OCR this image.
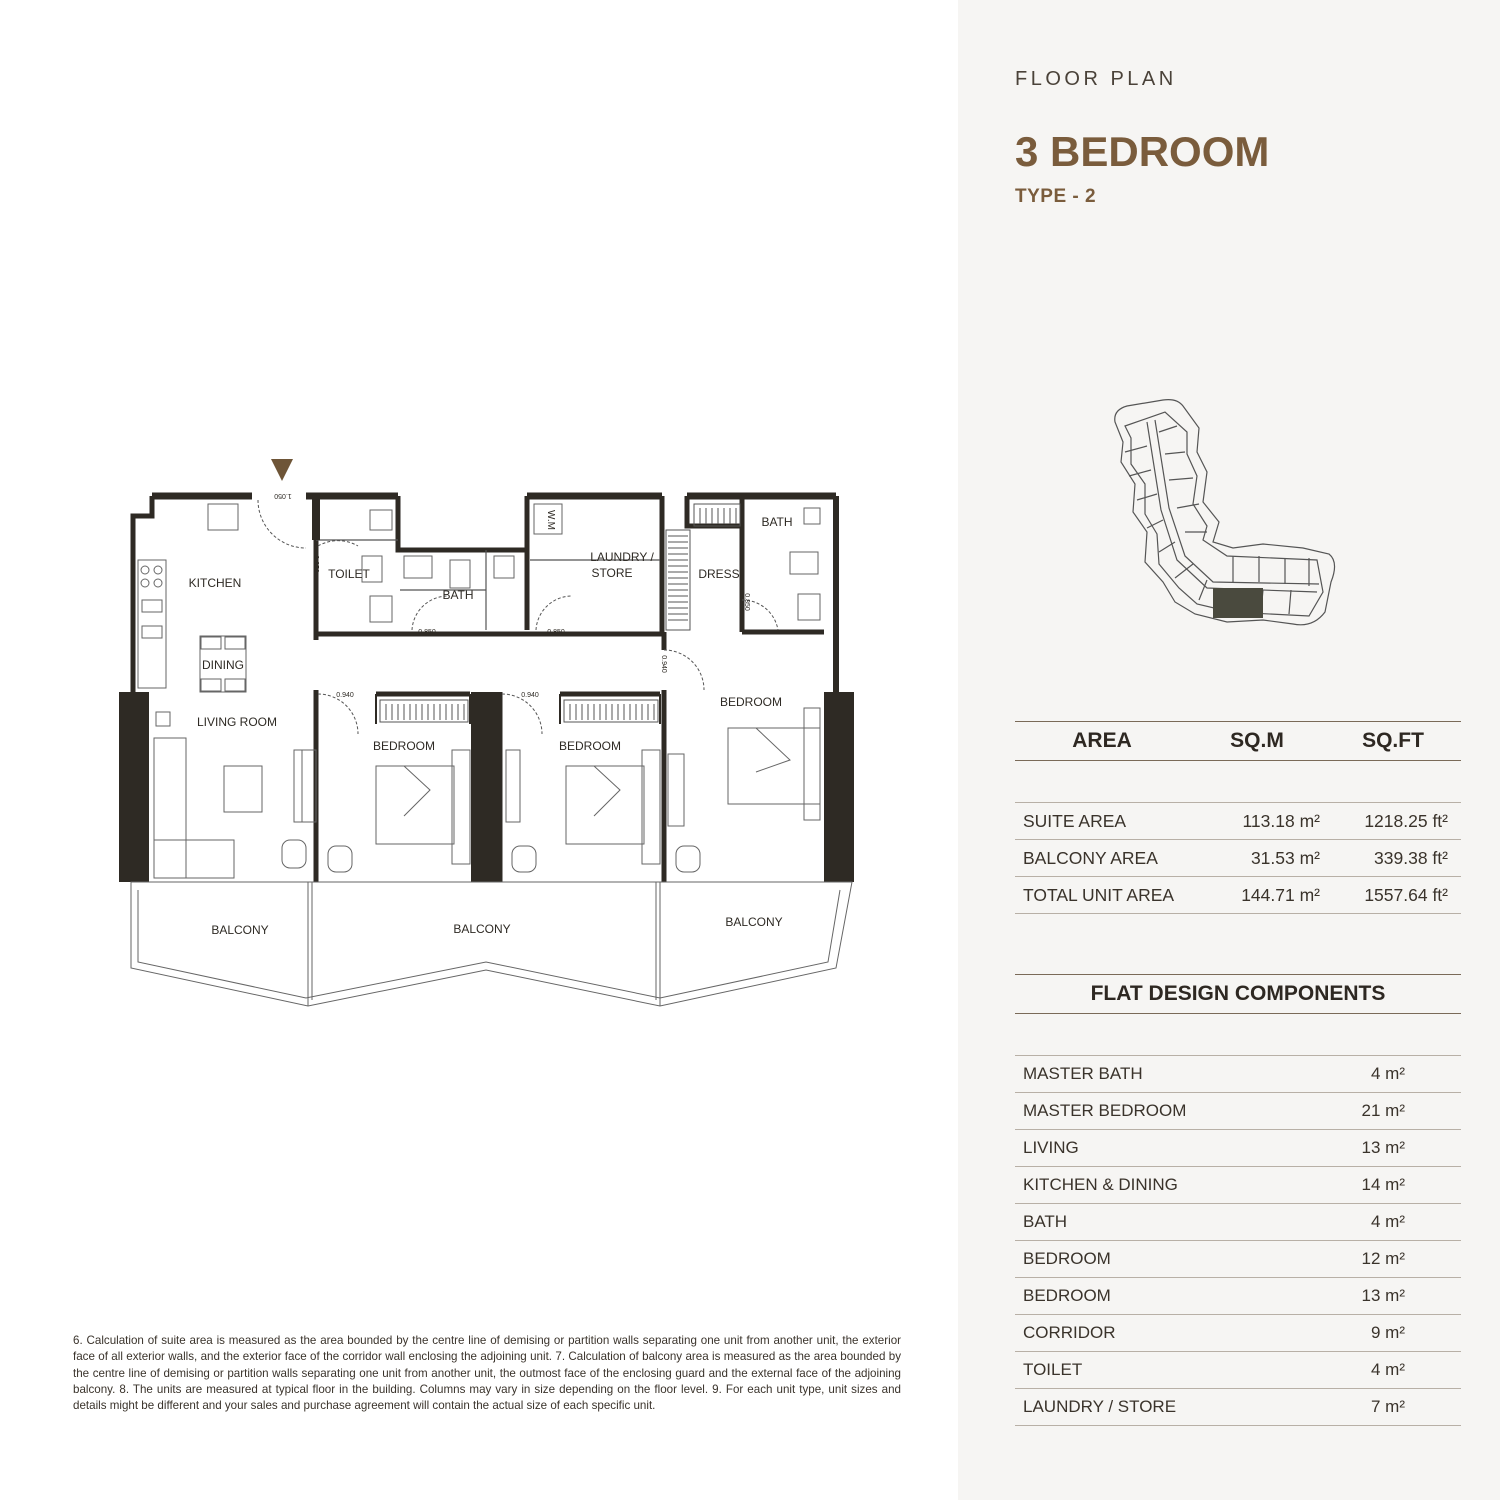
KITCHEN
DINING
LIVING ROOM
TOILET
BATH
LAUNDRY /
STORE	DRESS
BATH
BEDROOM	BEDROOM
BEDROOM
BALCONY	BALCONY	BALCONY
W.M
1.050
0.850
0.850	0.850
0.850
0.940	0.940
0.940
6. Calculation of suite area is measured as the area bounded by the centre line of demising or partition walls separating one unit from another unit, the exterior face of all exterior walls, and the exterior face of the corridor wall enclosing the adjoining unit. 7. Calculation of balcony area is measured as the area bounded by the centre line of demising or partition walls separating one unit from another unit, the outmost face of the enclosing guard and the external face of the adjoining balcony. 8. The units are measured at typical floor in the building. Columns may vary in size depending on the floor level. 9. For each unit type, unit sizes and details might be different and your sales and purchase agreement will contain the actual size of each specific unit.
FLOOR PLAN
3 BEDROOM
TYPE - 2
AREA	SQ.M	SQ.FT
SUITE AREA	113.18 m²	1218.25 ft²
BALCONY AREA	31.53 m²	339.38 ft²
TOTAL UNIT AREA	144.71 m²	1557.64 ft²
FLAT DESIGN COMPONENTS
MASTER BATH	4 m²
MASTER BEDROOM	21 m²
LIVING	13 m²
KITCHEN & DINING	14 m²
BATH	4 m²
BEDROOM	12 m²
BEDROOM	13 m²
CORRIDOR	9 m²
TOILET	4 m²
LAUNDRY / STORE	7 m²
